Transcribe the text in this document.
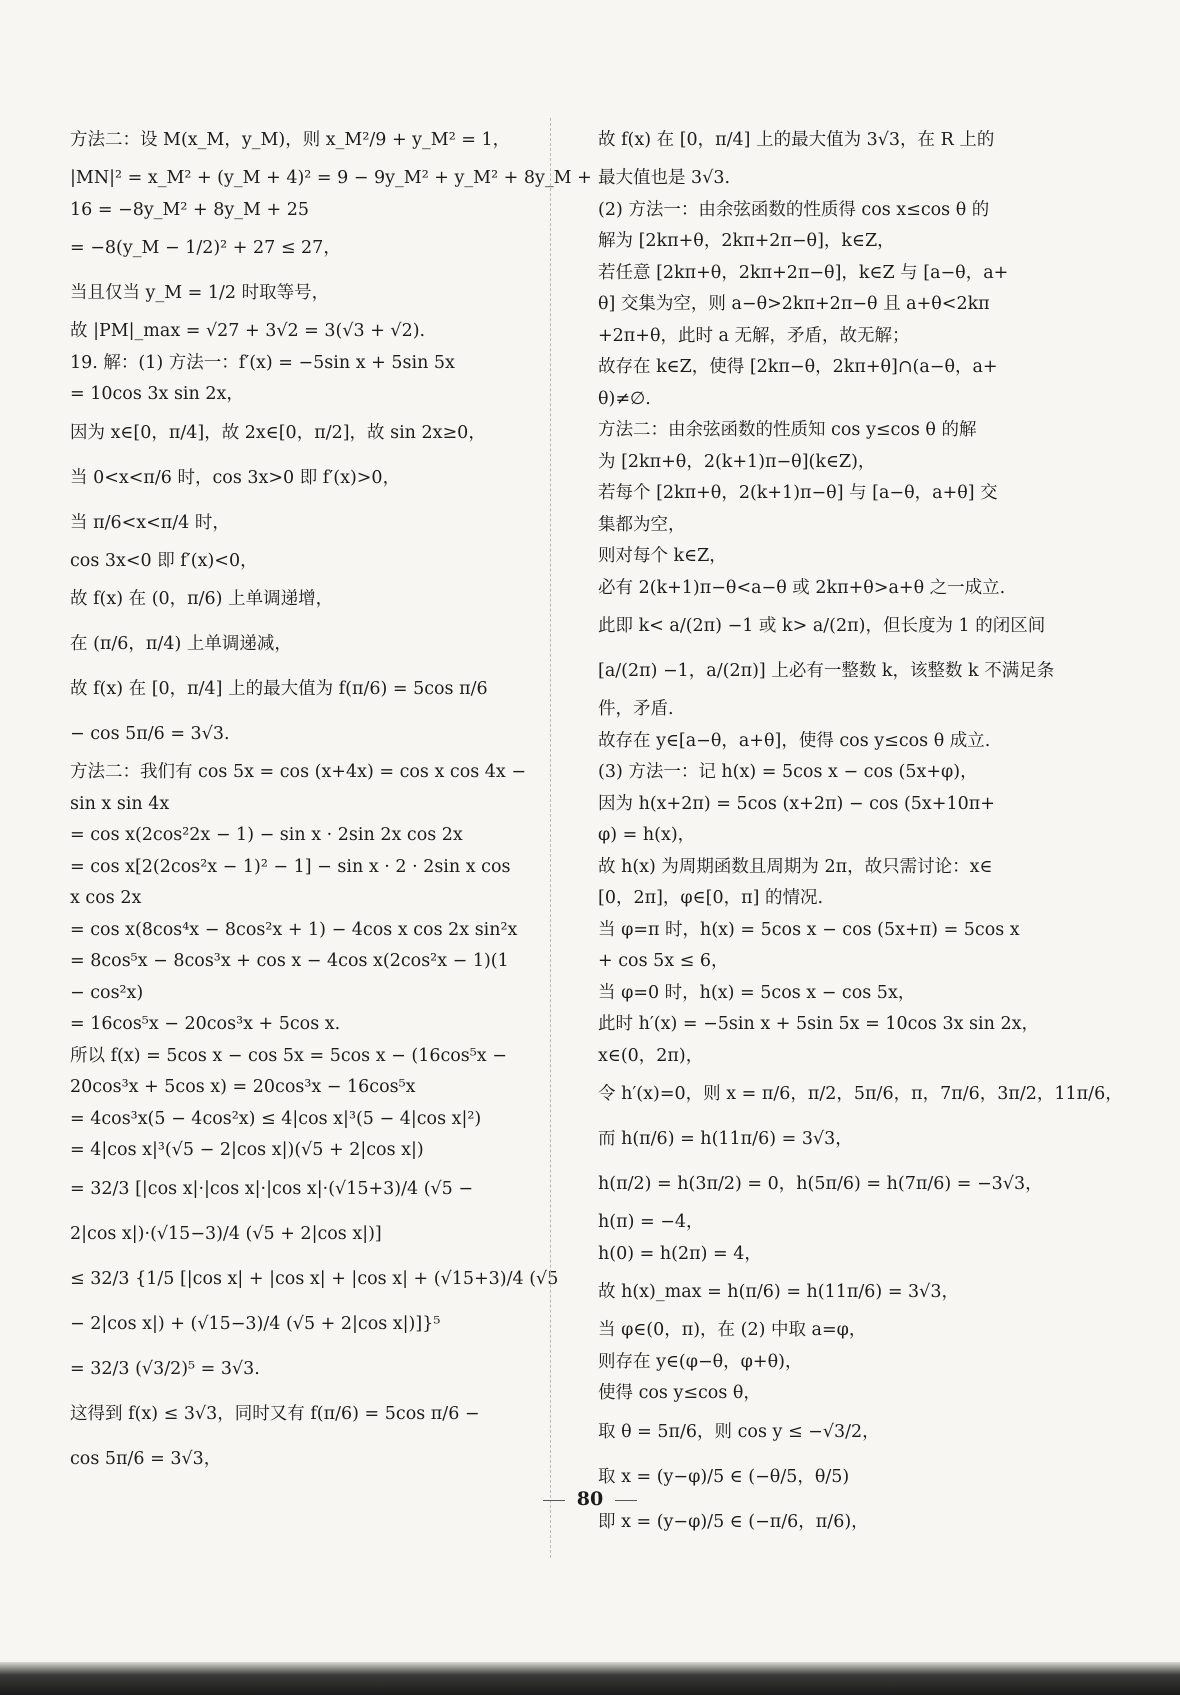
方法二：设 M(x_M，y_M)，则 x_M²/9 + y_M² = 1，
|MN|² = x_M² + (y_M + 4)² = 9 − 9y_M² + y_M² + 8y_M +
16 = −8y_M² + 8y_M + 25
= −8(y_M − 1/2)² + 27 ≤ 27，
当且仅当 y_M = 1/2 时取等号，
故 |PM|_max = √27 + 3√2 = 3(√3 + √2).
19. 解：(1) 方法一：f′(x) = −5sin x + 5sin 5x
= 10cos 3x sin 2x，
因为 x∈[0，π/4]，故 2x∈[0，π/2]，故 sin 2x≥0，
当 0<x<π/6 时，cos 3x>0 即 f′(x)>0，
当 π/6<x<π/4 时，
cos 3x<0 即 f′(x)<0，
故 f(x) 在 (0，π/6) 上单调递增，
在 (π/6，π/4) 上单调递减，
故 f(x) 在 [0，π/4] 上的最大值为 f(π/6) = 5cos π/6
− cos 5π/6 = 3√3.
方法二：我们有 cos 5x = cos (x+4x) = cos x cos 4x −
sin x sin 4x
= cos x(2cos²2x − 1) − sin x · 2sin 2x cos 2x
= cos x[2(2cos²x − 1)² − 1] − sin x · 2 · 2sin x cos
x cos 2x
= cos x(8cos⁴x − 8cos²x + 1) − 4cos x cos 2x sin²x
= 8cos⁵x − 8cos³x + cos x − 4cos x(2cos²x − 1)(1
− cos²x)
= 16cos⁵x − 20cos³x + 5cos x.
所以 f(x) = 5cos x − cos 5x = 5cos x − (16cos⁵x −
20cos³x + 5cos x) = 20cos³x − 16cos⁵x
= 4cos³x(5 − 4cos²x) ≤ 4|cos x|³(5 − 4|cos x|²)
= 4|cos x|³(√5 − 2|cos x|)(√5 + 2|cos x|)
= 32/3 [|cos x|·|cos x|·|cos x|·(√15+3)/4 (√5 −
2|cos x|)·(√15−3)/4 (√5 + 2|cos x|)]
≤ 32/3 {1/5 [|cos x| + |cos x| + |cos x| + (√15+3)/4 (√5
− 2|cos x|) + (√15−3)/4 (√5 + 2|cos x|)]}⁵
= 32/3 (√3/2)⁵ = 3√3.
这得到 f(x) ≤ 3√3，同时又有 f(π/6) = 5cos π/6 −
cos 5π/6 = 3√3，
故 f(x) 在 [0，π/4] 上的最大值为 3√3，在 R 上的
最大值也是 3√3.
(2) 方法一：由余弦函数的性质得 cos x≤cos θ 的
解为 [2kπ+θ，2kπ+2π−θ]，k∈Z，
若任意 [2kπ+θ，2kπ+2π−θ]，k∈Z 与 [a−θ，a+
θ] 交集为空，则 a−θ>2kπ+2π−θ 且 a+θ<2kπ
+2π+θ，此时 a 无解，矛盾，故无解；
故存在 k∈Z，使得 [2kπ−θ，2kπ+θ]∩(a−θ，a+
θ)≠∅.
方法二：由余弦函数的性质知 cos y≤cos θ 的解
为 [2kπ+θ，2(k+1)π−θ](k∈Z)，
若每个 [2kπ+θ，2(k+1)π−θ] 与 [a−θ，a+θ] 交
集都为空，
则对每个 k∈Z，
必有 2(k+1)π−θ<a−θ 或 2kπ+θ>a+θ 之一成立.
此即 k< a/(2π) −1 或 k> a/(2π)，但长度为 1 的闭区间
[a/(2π) −1，a/(2π)] 上必有一整数 k，该整数 k 不满足条
件，矛盾.
故存在 y∈[a−θ，a+θ]，使得 cos y≤cos θ 成立.
(3) 方法一：记 h(x) = 5cos x − cos (5x+φ)，
因为 h(x+2π) = 5cos (x+2π) − cos (5x+10π+
φ) = h(x)，
故 h(x) 为周期函数且周期为 2π，故只需讨论：x∈
[0，2π]，φ∈[0，π] 的情况.
当 φ=π 时，h(x) = 5cos x − cos (5x+π) = 5cos x
+ cos 5x ≤ 6，
当 φ=0 时，h(x) = 5cos x − cos 5x，
此时 h′(x) = −5sin x + 5sin 5x = 10cos 3x sin 2x，
x∈(0，2π)，
令 h′(x)=0，则 x = π/6，π/2，5π/6，π，7π/6，3π/2，11π/6，
而 h(π/6) = h(11π/6) = 3√3，
h(π/2) = h(3π/2) = 0，h(5π/6) = h(7π/6) = −3√3，
h(π) = −4，
h(0) = h(2π) = 4，
故 h(x)_max = h(π/6) = h(11π/6) = 3√3，
当 φ∈(0，π)，在 (2) 中取 a=φ，
则存在 y∈(φ−θ，φ+θ)，
使得 cos y≤cos θ，
取 θ = 5π/6，则 cos y ≤ −√3/2，
取 x = (y−φ)/5 ∈ (−θ/5，θ/5)
即 x = (y−φ)/5 ∈ (−π/6，π/6)，
80
